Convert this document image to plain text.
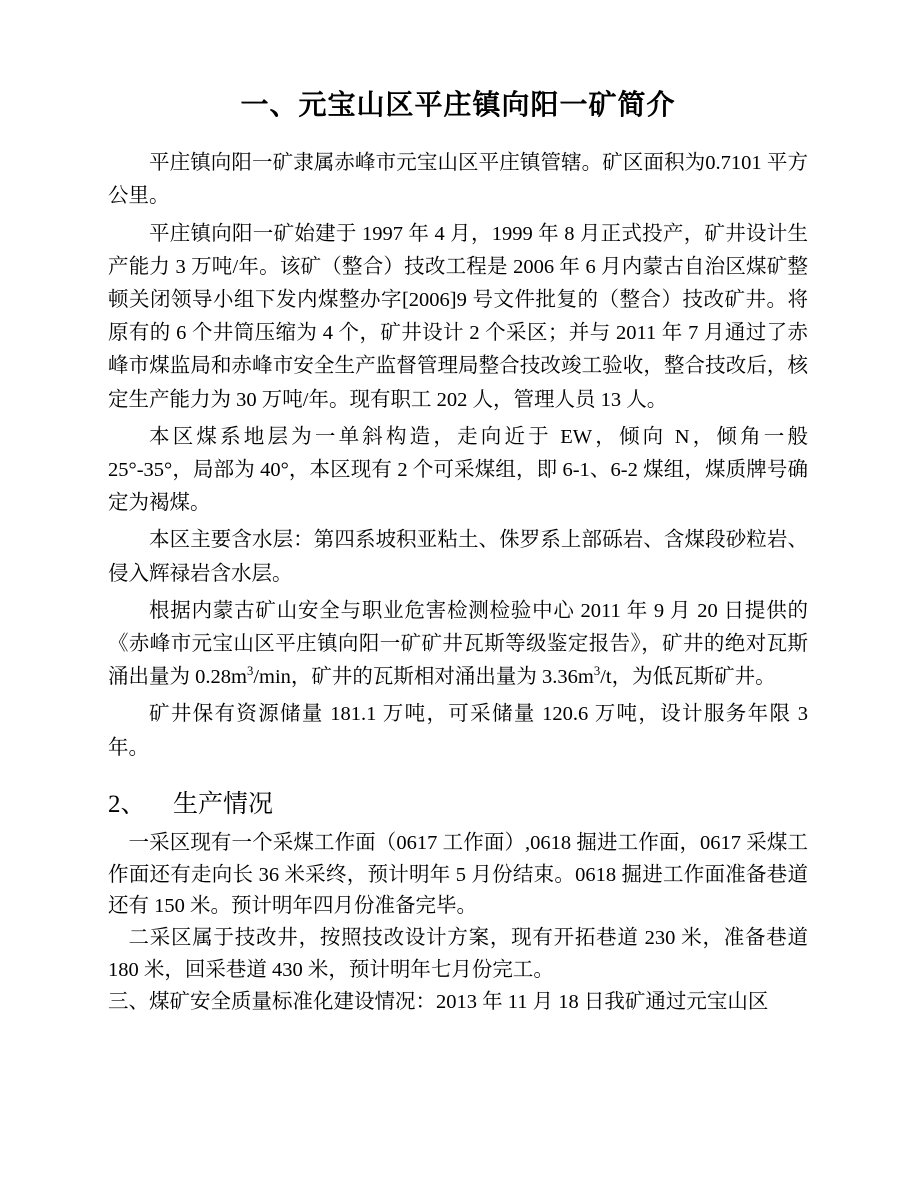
一、元宝山区平庄镇向阳一矿简介

平庄镇向阳一矿隶属赤峰市元宝山区平庄镇管辖。矿区面积为0.7101 平方公里。

平庄镇向阳一矿始建于 1997 年 4 月，1999 年 8 月正式投产，矿井设计生产能力 3 万吨/年。该矿（整合）技改工程是 2006 年 6 月内蒙古自治区煤矿整顿关闭领导小组下发内煤整办字[2006]9 号文件批复的（整合）技改矿井。将原有的 6 个井筒压缩为 4 个，矿井设计 2 个采区；并与 2011 年 7 月通过了赤峰市煤监局和赤峰市安全生产监督管理局整合技改竣工验收，整合技改后，核定生产能力为 30 万吨/年。现有职工 202 人，管理人员 13 人。

本区煤系地层为一单斜构造，走向近于 EW，倾向 N，倾角一般 25°-35°，局部为 40°，本区现有 2 个可采煤组，即 6-1、6-2 煤组，煤质牌号确定为褐煤。

本区主要含水层：第四系坡积亚粘土、侏罗系上部砾岩、含煤段砂粒岩、侵入辉禄岩含水层。

根据内蒙古矿山安全与职业危害检测检验中心 2011 年 9 月 20 日提供的《赤峰市元宝山区平庄镇向阳一矿矿井瓦斯等级鉴定报告》，矿井的绝对瓦斯涌出量为 $0.28m^3/\min$，矿井的瓦斯相对涌出量为 $3.36m^3/t$，为低瓦斯矿井。

矿井保有资源储量 181.1 万吨，可采储量 120.6 万吨，设计服务年限 3 年。

2、 生产情况

一采区现有一个采煤工作面（0617 工作面）,0618 掘进工作面，0617 采煤工作面还有走向长 36 米采终，预计明年 5 月份结束。0618 掘进工作面准备巷道还有 150 米。预计明年四月份准备完毕。

二采区属于技改井，按照技改设计方案，现有开拓巷道 230 米，准备巷道 180 米，回采巷道 430 米，预计明年七月份完工。

三、煤矿安全质量标准化建设情况：2013 年 11 月 18 日我矿通过元宝山区
